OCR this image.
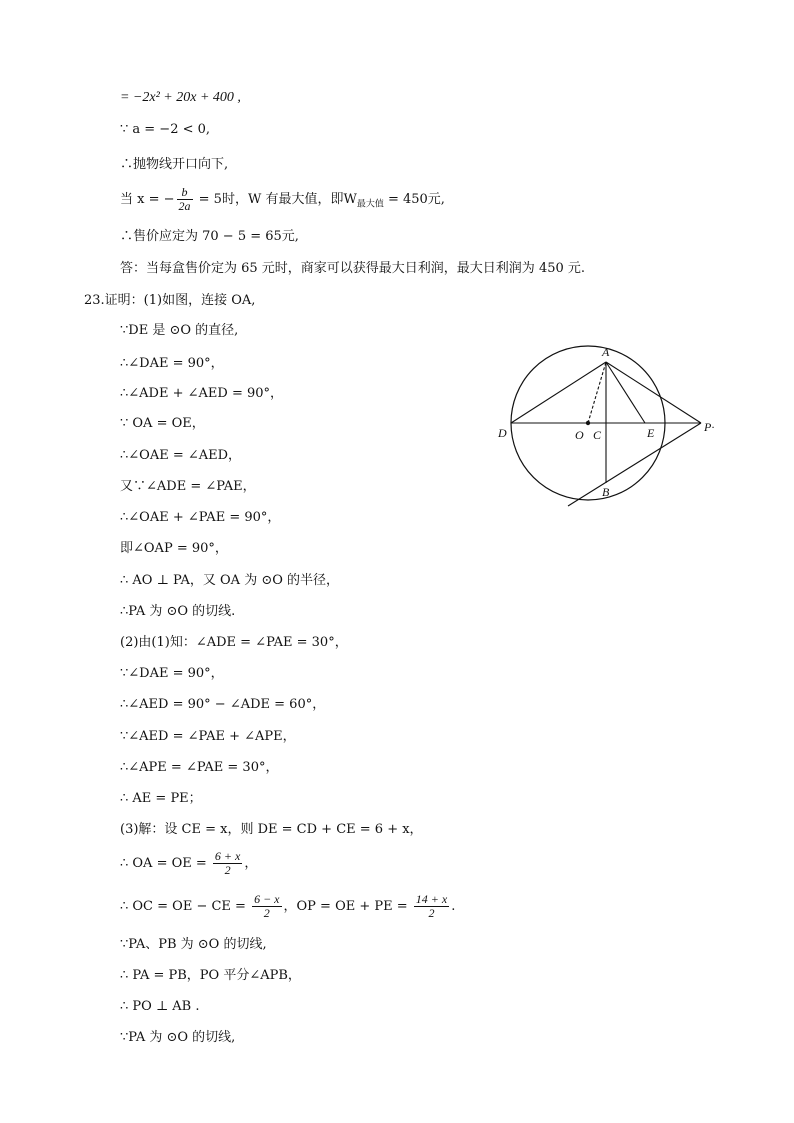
= −2x² + 20x + 400 ,
∵ a = −2 < 0,
∴抛物线开口向下,
当 x = − $\frac{b}{2a} = 5$时，W 有最大值，即$W_{最大值} = 450$元,
∴售价应定为 70 − 5 = 65元,
答：当每盒售价定为 65 元时，商家可以获得最大日利润，最大日利润为 450 元.
23.证明：(1)如图，连接 OA,
∵DE 是 ⊙O 的直径,
∴∠DAE = 90°，
∴∠ADE + ∠AED = 90°，
∵ OA = OE，
∴∠OAE = ∠AED，
又∵∠ADE = ∠PAE，
∴∠OAE + ∠PAE = 90°，
即∠OAP = 90°，
∴ AO ⊥ PA，又 OA 为 ⊙O 的半径，
∴PA 为 ⊙O 的切线.
(2)由(1)知：∠ADE = ∠PAE = 30°，
∵∠DAE = 90°，
∴∠AED = 90° − ∠ADE = 60°，
∵∠AED = ∠PAE + ∠APE，
∴∠APE = ∠PAE = 30°，
∴ AE = PE；
(3)解：设 CE = x，则 DE = CD + CE = 6 + x，
∴ OA = OE = $\frac{6 + x}{2}$ ，
∴ OC = OE − CE = $\frac{6 - x}{2}$ ，OP = OE + PE = $\frac{14 + x}{2}$ .
∵PA、PB 为 ⊙O 的切线,
∴ PA = PB，PO 平分∠APB，
∴ PO ⊥ AB .
∵PA 为 ⊙O 的切线,
A
B
C
D	E
O
P·
